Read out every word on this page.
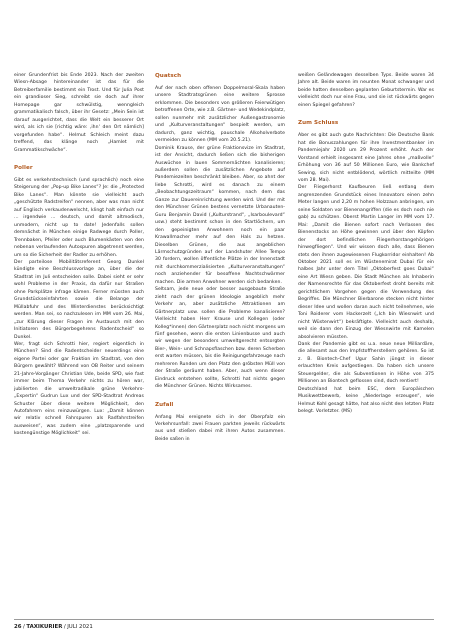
einer Grundenfrist bis Ende 2023. Nach der zweiten Wiesn-Absage hintereinander ist das für die Betreiberfamilie bestimmt ein Trost. Und für Julia Post ein grandioser Sieg, schreibt sie doch auf ihrer Homepage gar schwülstig, wenngleich grammatikalisch falsch, über ihr Gesetz: „Mein Sein ist darauf ausgerichtet, dass die Welt ein besserer Ort wird, als ich sie [richtig wäre: ‚ihn‘ den Ort nämlich] vorgefunden habe“. Helmut Schleich meint dazu treffend, das klänge noch „Hamlet mit Grammatikschwäche“.

Poller

Gibt es verkehrstechnisch (und sprachlich) noch eine Steigerung der „Pop-up Bike Lanes“? Je: die „Protected Bike Lanes“. Man könnte sie vielleicht auch „geschützte Radstreifen“ nennen, aber was man nicht auf Englisch verkaudenwelscht, klingt halt einfach nur … irgendwie … deutsch, und damit altmodisch, unmodern, nicht up to date! Jedenfalls sollen demnächst in München einige Radwege durch Poller, Trennbaken, Pfeiler oder auch Blumenkästen von den nebenan verlaufenden Autospuren abgetrennt werden, um so die Sicherheit der Radler zu erhöhen.

Der parteilose Mobilitätsreferent Georg Dunkel kündigte eine Beschlussvorlage an, über die der Stadtrat im Juli entscheiden solle. Dabei sieht er sehr wohl Probleme in der Praxis, da dafür nur Straßen ohne Parkplätze infrage kämen. Ferner müssten auch Grundstückseinfahrten sowie die Belange der Müllabfuhr und des Winterdienstes berücksichtigt werden. Man sei, so nachzulesen im MM vom 26. Mai, „zur Klärung dieser Fragen im Austausch mit den Initiatoren des Bürgerbegehrens Radentscheid“ so Dunkel.

Wer, fragt sich Schrotti hier, regiert eigentlich in München? Sind die Radentscheider neuerdings eine eigene Partei oder gar Fraktion im Stadtrat, von den Bürgern gewählt? Während von OB Reiter und seinem 21-Jahre-Vorgänger Christian Ude, beide SPD, wie fast immer beim Thema Verkehr nichts zu hören war, jubilierten die umweltradikale grüne Verkehrs-„Expertin“ Gudrun Lux und der SPD-Stadtrat Andreas Schuster über diese weitere Möglichkeit, den Autofahrern eins reinzuwürgen. Lux: „Damit können wir relativ schnell Fahrspuren als Radfahrstreifen ausweisen“, was zudem eine „platzsparende und kostengünstige Möglichkeit“ sei.

Quatsch

Auf der nach oben offenen Doppelmoral-Skala haben unsere Stadtratsgrünen eine weitere Sprosse erklommen. Die besonders von größeren Feierwütigen betroffenen Orte, wie z.B. Gärtner- und Wedekindplatz, sollen nunmehr mit zusätzlicher Außengastronomie und „Kulturveranstaltungen“ bespielt werden, um dadurch, ganz wichtig, pauschale Alkoholverbote vermeiden zu können (MM vom 20.5.21).

Dominik Krause, der grüne Fraktionsvize im Stadtrat, ist der Ansicht, dadurch ließen sich die bisherigen Auswüchse in lauen Sommernächten kanalisieren; außerdem sollen die zusätzlichen Angebote auf Pandemiezeiten beschränkt bleiben. Aber, so ahnt der liebe Schrotti, wird es danach zu einem „Beobachtungszeitraum“ kommen, nach dem das Ganze zur Dauereinrichtung werden wird. Und der mit den Münchner Grünen bestens vernetzte Urbanauten-Guru Benjamin David („Kulturstrand“, „Isarboulevard“ usw.) steht bestimmt schon in den Startlöchern, um den gepeinigten Anwohnern noch ein paar Krawallmacher mehr auf den Hals zu hetzen. Dieselben Grünen, die aus angeblichen Lärmschutzgründen auf der Landshuter Allee Tempo 30 fordern, wollen öffentliche Plätze in der Innenstadt mit durchkommerzialisierten „Kulturveranstaltungen“ noch anziehender für besoffene Nachtschwärmer machen. Die armen Anwohner werden sich bedanken.

Seltsam, jede neue oder besser ausgebaute Straße zieht nach der grünen Ideologie angeblich mehr Verkehr an, aber zusätzliche Attraktionen am Gärtnerplatz usw. sollen die Probleme kanalisieren? Vielleicht haben Herr Krause und Kollegen (oder Kolleg*innen) den Gärtnerplatz noch nicht morgens um fünf gesehen, wenn die ersten Linienbusse und auch wir wegen der besonders umweltgerecht entsorgten Bier-, Wein- und Schnapsflaschen bzw. deren Scherben erst warten müssen, bis die Reinigungsfahrzeuge nach mehreren Runden um den Platz den gröbsten Müll von der Straße geräumt haben. Aber, auch wenn dieser Eindruck entstehen sollte, Schrotti hat nichts gegen die Münchner Grünen. Nichts Wirksames.

Zufall

Anfang Mai ereignete sich in der Oberpfalz ein Verkehrsunfall: zwei Frauen parkten jeweils rückwärts aus und stießen dabei mit ihren Autos zusammen. Beide saßen in

weißen Geländewagen desselben Typs. Beide waren 34 Jahre alt. Beide waren im neunten Monat schwanger und beide hatten denselben geplanten Geburtstermin. War es vielleicht doch nur eine Frau, und sie ist rückwärts gegen einen Spiegel gefahren?

Zum Schluss

Aber es gibt auch gute Nachrichten: Die Deutsche Bank hat die Bonuszahlungen für ihre Investmentbanker im Pandemiejahr 2020 um 29 Prozent erhöht. Auch der Vorstand erhielt insgesamt eine Jahres ohne „maßvolle“ Erhöhung von 36 auf 50 Millionen Euro, wie Bankchef Sewing, sich nicht entblödend, wörtlich mitteilte (MM vom 28. Mai).

Der Fliegerhorst Kaufbeuren ließ entlang dem angrenzenden Grundstück eines Innovators einen zehn Meter langen und 2,20 m hohen Holzzaun anbringen, um seine Soldaten vor Bienenangriffen (die es doch noch nie gab) zu schützen. Oberst Martin Langer im MM vom 17. Mai: „Damit die Bienen sofort nach Verlassen des Bienenstocks an Höhe gewinnen und über den Köpfen der dort befindlichen Fliegerhorstangehörigen hinwegfliegen“. Und wir wissen doch alle, dass Bienen stets den ihnen zugewiesenen Flugkorridor einhalten! Ab Oktober 2021 soll es im Wüstenemirat Dubai für ein halbes Jahr unter dem Titel „Oktoberfest goes Dubai“ eine Art Wiesn geben. Die Stadt München als Inhaberin der Namensrechte für das Oktoberfest droht bereits mit gerichtlichem Vorgehen gegen die Verwendung des Begriffes. Die Münchner Bierbarone stecken nicht hinter dieser Idee und wollen daran auch nicht teilnehmen, wie Toni Roiderer vom Hackerzelt („Ich bin Wiesnwirt und nicht Wüstenwirt“) bekräftigte. Vielleicht auch deshalb, weil sie dann den Einzug der Wiesnwirte mit Kamelen absolvieren müssten.

Dank der Pandemie gibt es u.a. neue neue Milliardäre, die allesamt aus den Impfstoffherstellern gehören. So ist z. B. Biontech-Chef Ugur Sahin jüngst in dieser erlauchten Kreis aufgestiegen. Da haben sich unsere Steuergelder, die als Subventionen in Höhe von 375 Millionen an Biontech geflossen sind, doch rentiert!

Deutschland hat beim ESC, dem Europäischen Musikwettbewerb, keine „Niederlage erzeugen“, wie Helmut Kohl gesagt hätte, hat also nicht den letzten Platz belegt. Vorletzter. (MS)

26 / TAXIKURIER / JULI 2021
